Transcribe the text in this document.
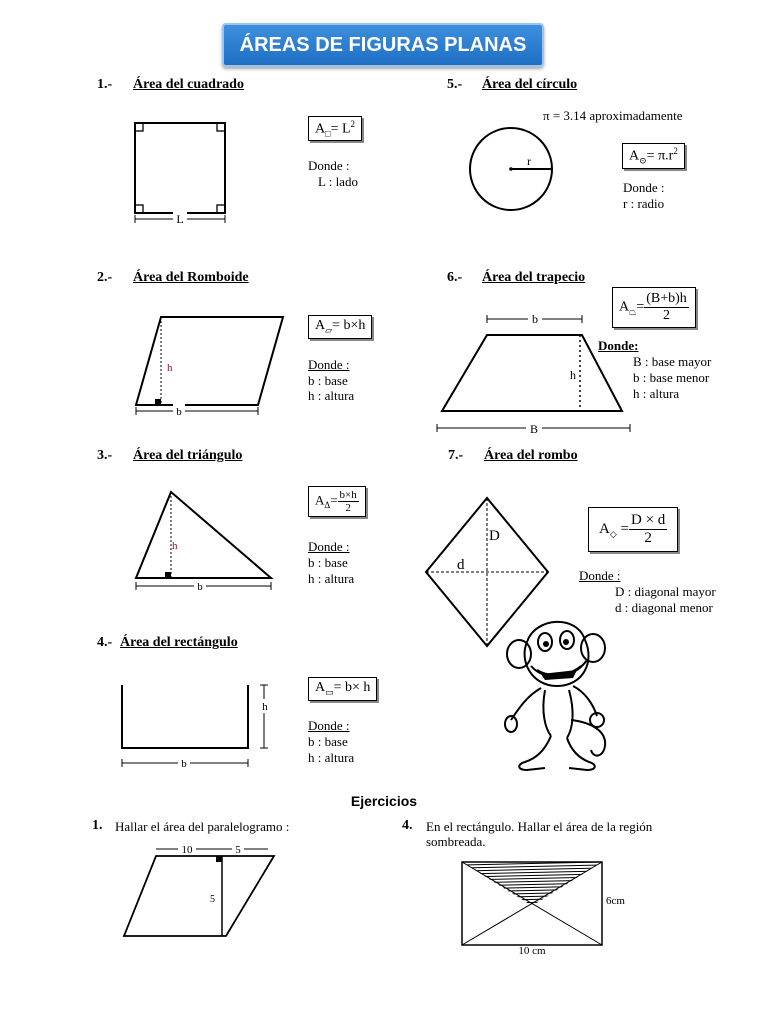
ÁREAS DE FIGURAS PLANAS
1.- Área del cuadrado
L
$A_□= L^2$
Donde :
L : lado
5.- Área del círculo
π = 3.14 aproximadamente
r	$A_⊙= \pi.r^2$
Donde :
r : radio
2.- Área del Romboide
h
b
$A_▱= b\times h$
Donde :
b : base
h : altura
6.- Área del trapecio
b
h
B
$A_⏢= \frac{(B+b)h}{2}$
Donde:
B : base mayor
b : base menor
h : altura
3.- Área del triángulo
h
b
$A_\Delta= \frac{b\times h}{2}$
Donde :
b : base
h : altura
7.- Área del rombo
D
d
$A_◇ = \frac{D \times d}{2}$
Donde :
D : diagonal mayor
d : diagonal menor
4.- Área del rectángulo
h
b
$A_▭= b\times h$
Donde :
b : base
h : altura
Ejercicios
1. Hallar el área del paralelogramo :
10	5
5
4. En el rectángulo. Hallar el área de la región
sombreada.
6cm
10 cm
